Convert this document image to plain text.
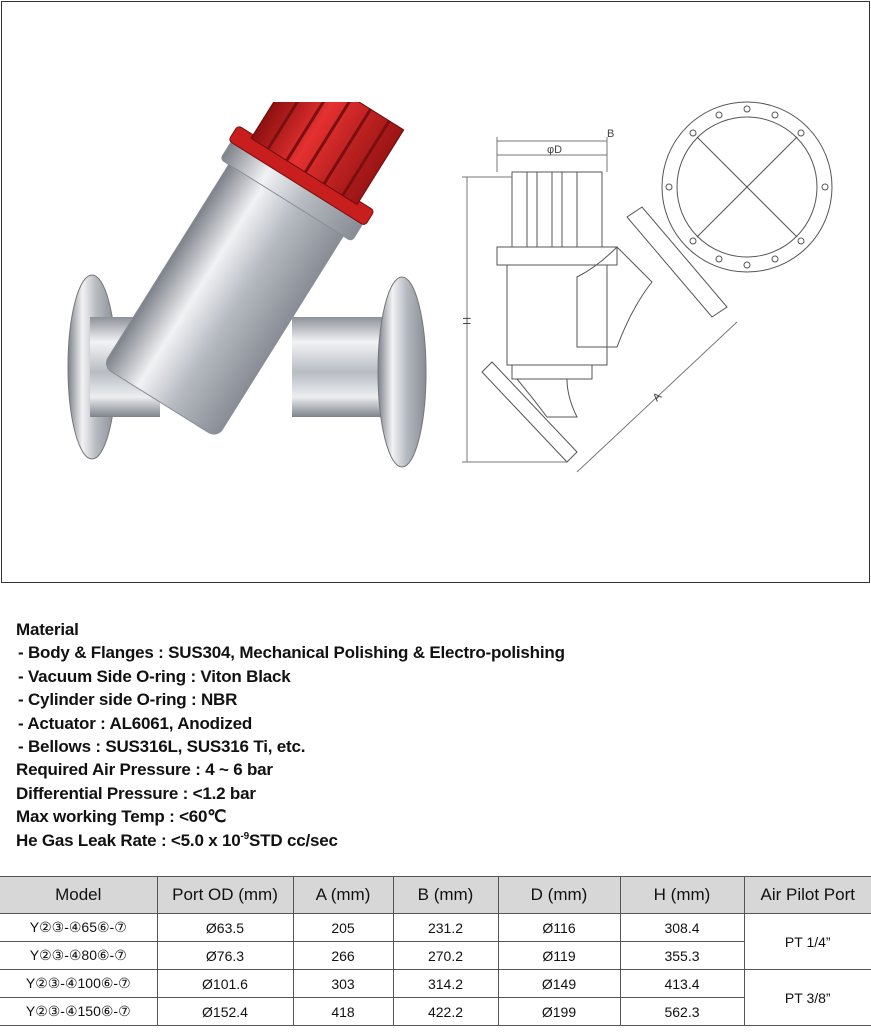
B
φD
H
A
Material
- Body & Flanges : SUS304, Mechanical Polishing & Electro-polishing
- Vacuum Side O-ring : Viton Black
- Cylinder side O-ring : NBR
- Actuator : AL6061, Anodized
- Bellows : SUS316L, SUS316 Ti, etc.
Required Air Pressure : 4 ~ 6 bar
Differential Pressure : <1.2 bar
Max working Temp : <60℃
He Gas Leak Rate : <5.0 x $10^{-9}STD$ cc/sec
Model	Port OD (mm)	A (mm)	B (mm)	D (mm)	H (mm)	Air Pilot Port
Y②③-④65⑥-⑦	Ø63.5	205	231.2	Ø116	308.4	PT 1/4”
Y②③-④80⑥-⑦	Ø76.3	266	270.2	Ø119	355.3	
Y②③-④100⑥-⑦	Ø101.6	303	314.2	Ø149	413.4	PT 3/8”
Y②③-④150⑥-⑦	Ø152.4	418	422.2	Ø199	562.3	
